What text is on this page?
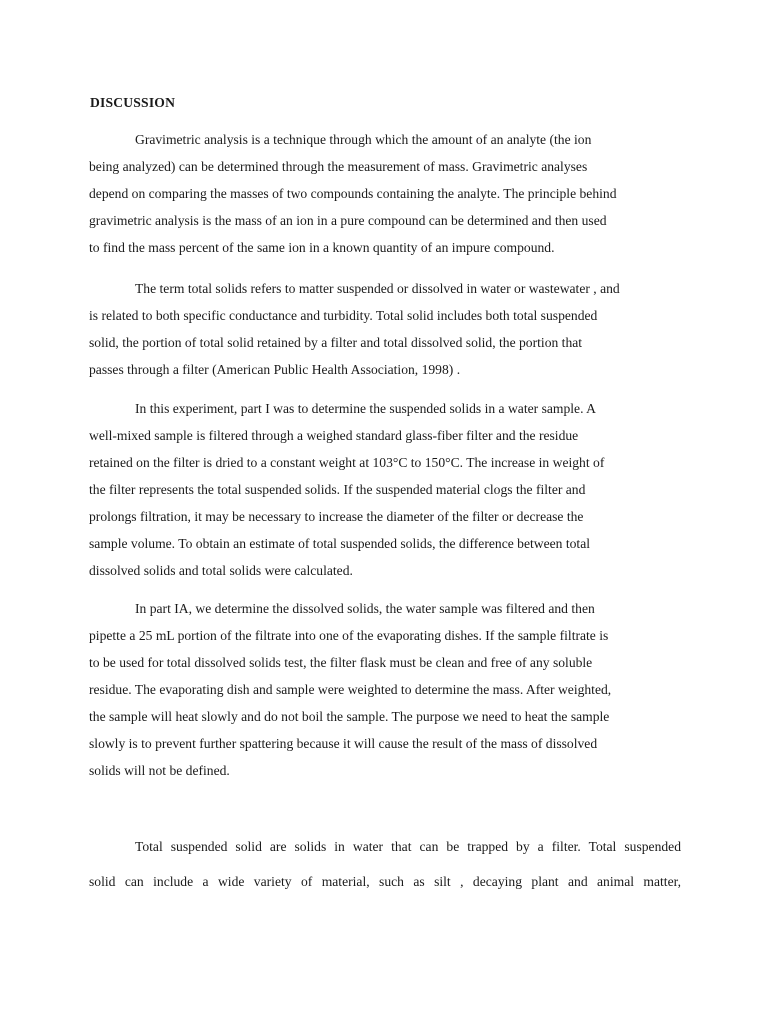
DISCUSSION
Gravimetric analysis is a technique through which the amount of an analyte (the ion
being analyzed) can be determined through the measurement of mass. Gravimetric analyses
depend on comparing the masses of two compounds containing the analyte. The principle behind
gravimetric analysis is the mass of an ion in a pure compound can be determined and then used
to find the mass percent of the same ion in a known quantity of an impure compound.
The term total solids refers to matter suspended or dissolved in water or wastewater , and
is related to both specific conductance and turbidity. Total solid includes both total suspended
solid, the portion of total solid retained by a filter and total dissolved solid, the portion that
passes through a filter (American Public Health Association, 1998) .
In this experiment, part I was to determine the suspended solids in a water sample. A
well-mixed sample is filtered through a weighed standard glass-fiber filter and the residue
retained on the filter is dried to a constant weight at 103°C to 150°C. The increase in weight of
the filter represents the total suspended solids. If the suspended material clogs the filter and
prolongs filtration, it may be necessary to increase the diameter of the filter or decrease the
sample volume. To obtain an estimate of total suspended solids, the difference between total
dissolved solids and total solids were calculated.
In part IA, we determine the dissolved solids, the water sample was filtered and then
pipette a 25 mL portion of the filtrate into one of the evaporating dishes. If the sample filtrate is
to be used for total dissolved solids test, the filter flask must be clean and free of any soluble
residue. The evaporating dish and sample were weighted to determine the mass. After weighted,
the sample will heat slowly and do not boil the sample. The purpose we need to heat the sample
slowly is to prevent further spattering because it will cause the result of the mass of dissolved
solids will not be defined.
Total suspended solid are solids in water that can be trapped by a filter. Total suspended
solid can include a wide variety of material, such as silt , decaying plant and animal matter,
